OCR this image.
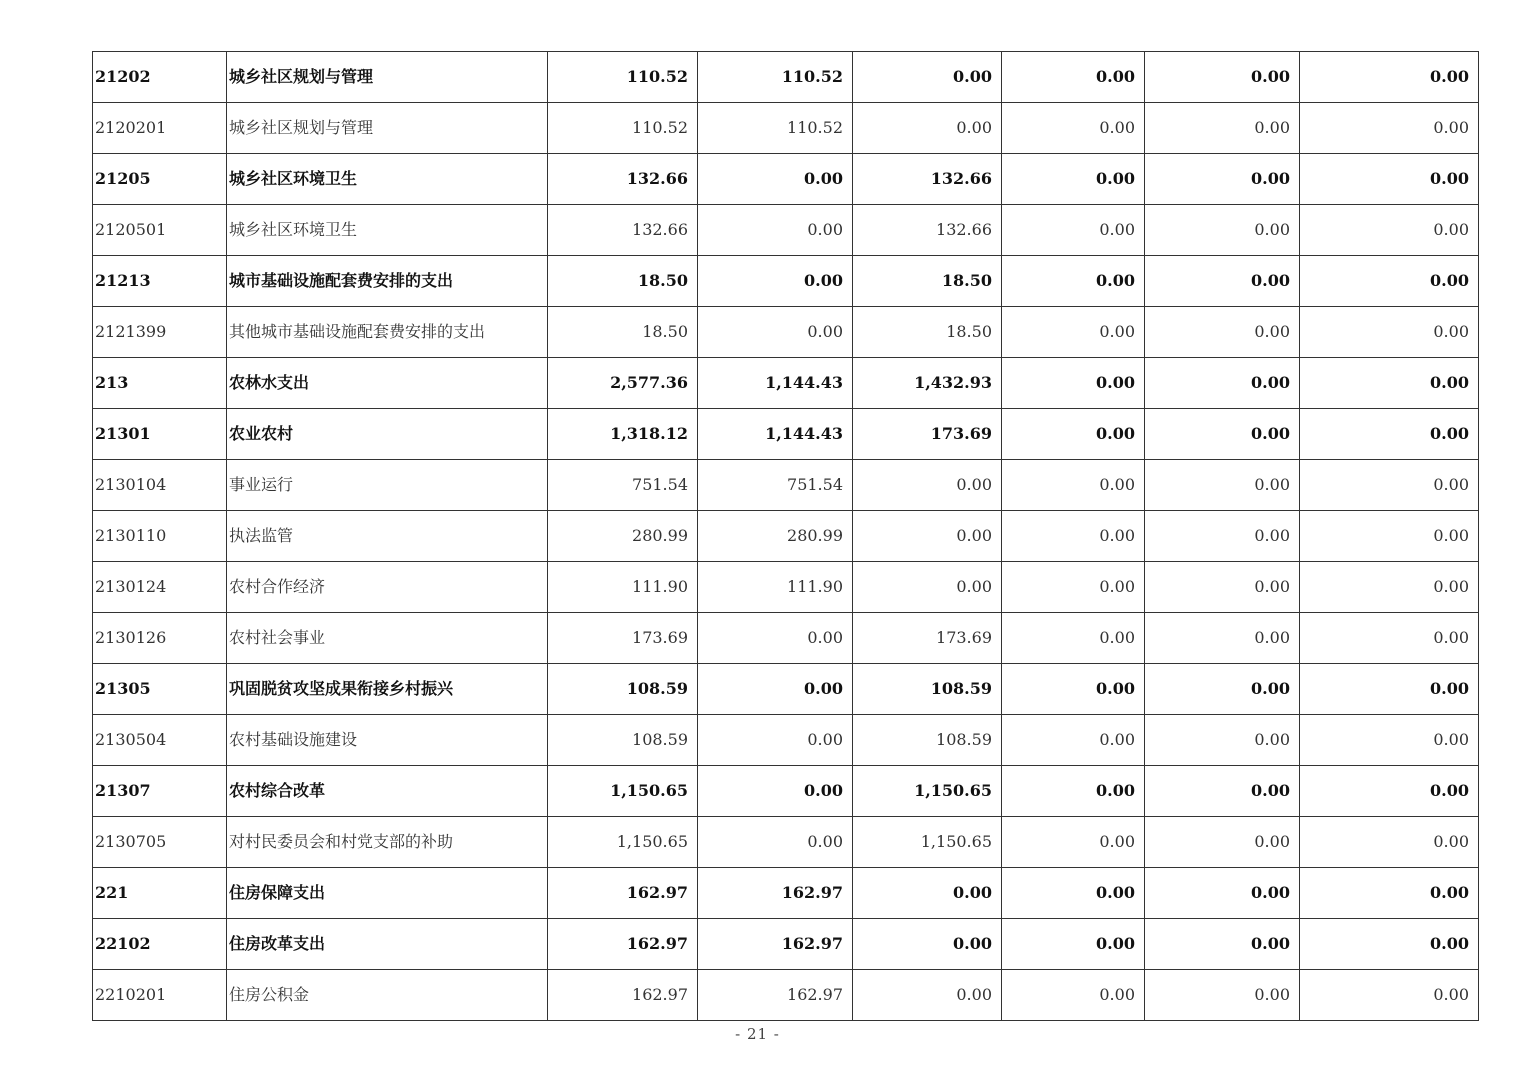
21202	城乡社区规划与管理	110.52	110.52	0.00	0.00	0.00	0.00
2120201	城乡社区规划与管理	110.52	110.52	0.00	0.00	0.00	0.00
21205	城乡社区环境卫生	132.66	0.00	132.66	0.00	0.00	0.00
2120501	城乡社区环境卫生	132.66	0.00	132.66	0.00	0.00	0.00
21213	城市基础设施配套费安排的支出	18.50	0.00	18.50	0.00	0.00	0.00
2121399	其他城市基础设施配套费安排的支出	18.50	0.00	18.50	0.00	0.00	0.00
213	农林水支出	2,577.36	1,144.43	1,432.93	0.00	0.00	0.00
21301	农业农村	1,318.12	1,144.43	173.69	0.00	0.00	0.00
2130104	事业运行	751.54	751.54	0.00	0.00	0.00	0.00
2130110	执法监管	280.99	280.99	0.00	0.00	0.00	0.00
2130124	农村合作经济	111.90	111.90	0.00	0.00	0.00	0.00
2130126	农村社会事业	173.69	0.00	173.69	0.00	0.00	0.00
21305	巩固脱贫攻坚成果衔接乡村振兴	108.59	0.00	108.59	0.00	0.00	0.00
2130504	农村基础设施建设	108.59	0.00	108.59	0.00	0.00	0.00
21307	农村综合改革	1,150.65	0.00	1,150.65	0.00	0.00	0.00
2130705	对村民委员会和村党支部的补助	1,150.65	0.00	1,150.65	0.00	0.00	0.00
221	住房保障支出	162.97	162.97	0.00	0.00	0.00	0.00
22102	住房改革支出	162.97	162.97	0.00	0.00	0.00	0.00
2210201	住房公积金	162.97	162.97	0.00	0.00	0.00	0.00
- 21 -
